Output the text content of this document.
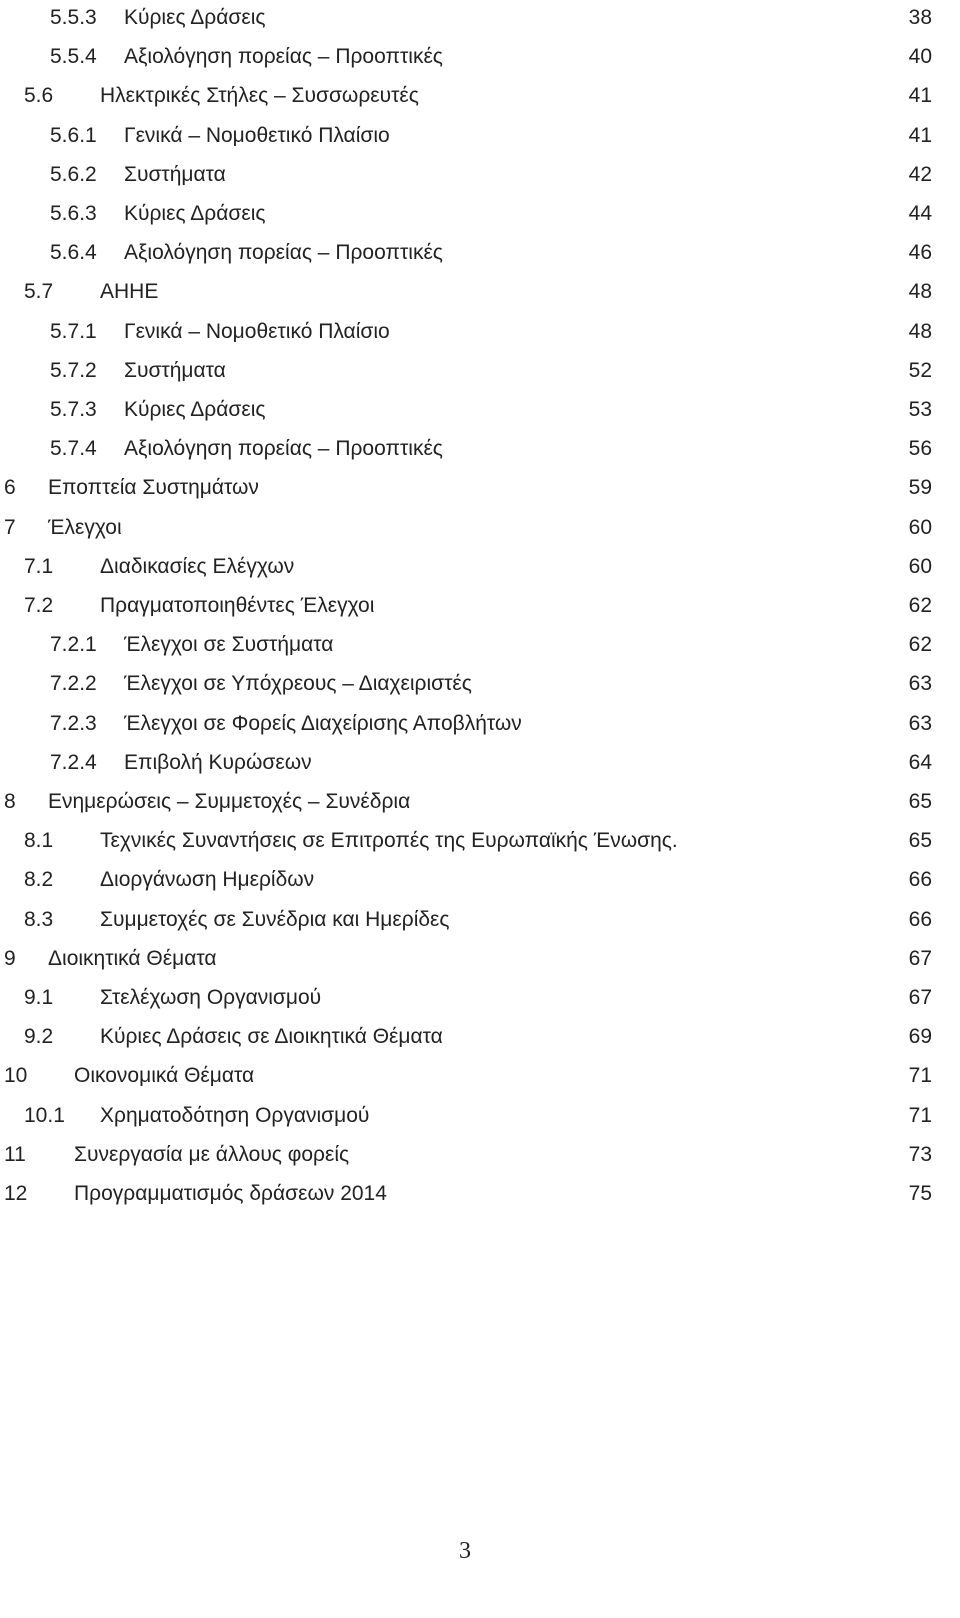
5.5.3	Κύριες Δράσεις	38
5.5.4	Αξιολόγηση πορείας – Προοπτικές	40
5.6	Ηλεκτρικές Στήλες – Συσσωρευτές	41
5.6.1	Γενικά – Νομοθετικό Πλαίσιο	41
5.6.2	Συστήματα	42
5.6.3	Κύριες Δράσεις	44
5.6.4	Αξιολόγηση πορείας – Προοπτικές	46
5.7	ΑΗΗΕ	48
5.7.1	Γενικά – Νομοθετικό Πλαίσιο	48
5.7.2	Συστήματα	52
5.7.3	Κύριες Δράσεις	53
5.7.4	Αξιολόγηση πορείας – Προοπτικές	56
6	Εποπτεία Συστημάτων	59
7	Έλεγχοι	60
7.1	Διαδικασίες Ελέγχων	60
7.2	Πραγματοποιηθέντες Έλεγχοι	62
7.2.1	Έλεγχοι σε Συστήματα	62
7.2.2	Έλεγχοι σε Υπόχρεους – Διαχειριστές	63
7.2.3	Έλεγχοι σε Φορείς Διαχείρισης Αποβλήτων	63
7.2.4	Επιβολή Κυρώσεων	64
8	Ενημερώσεις – Συμμετοχές – Συνέδρια	65
8.1	Τεχνικές Συναντήσεις σε Επιτροπές της Ευρωπαϊκής Ένωσης.	65
8.2	Διοργάνωση Ημερίδων	66
8.3	Συμμετοχές σε Συνέδρια και Ημερίδες	66
9	Διοικητικά Θέματα	67
9.1	Στελέχωση Οργανισμού	67
9.2	Κύριες Δράσεις σε Διοικητικά Θέματα	69
10	Οικονομικά Θέματα	71
10.1	Χρηματοδότηση Οργανισμού	71
11	Συνεργασία με άλλους φορείς	73
12	Προγραμματισμός δράσεων 2014	75
3
